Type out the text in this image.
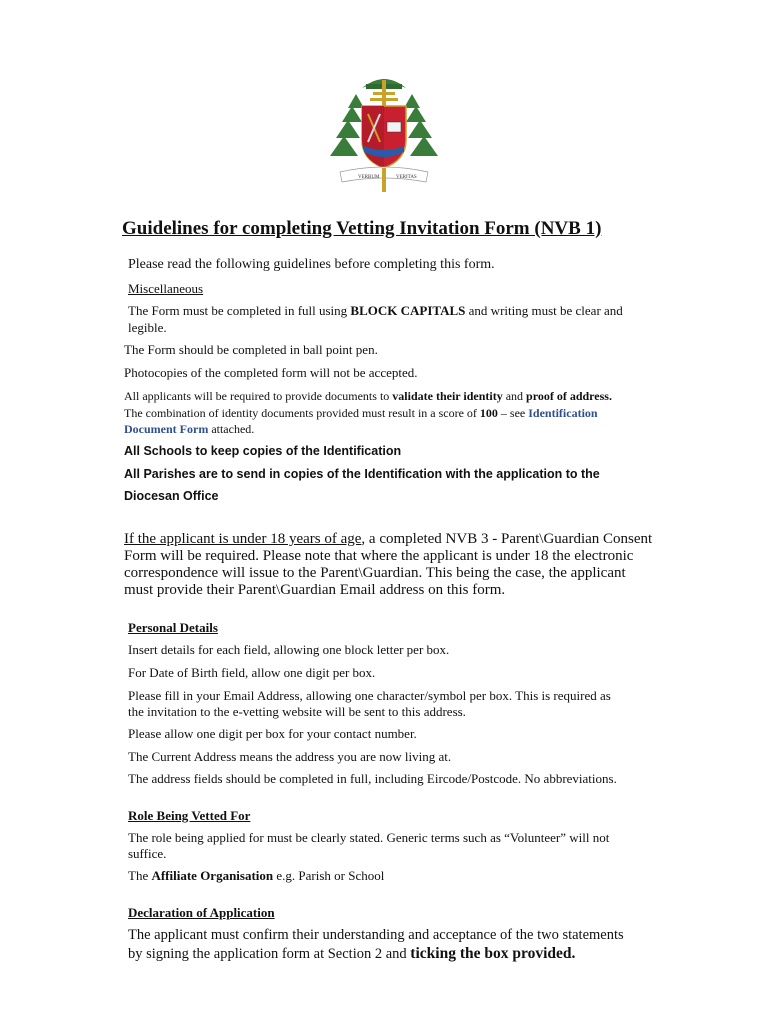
VERBUM	VERITAS
Guidelines for completing Vetting Invitation Form (NVB 1)

Please read the following guidelines before completing this form.

Miscellaneous

The Form must be completed in full using BLOCK CAPITALS and writing must be clear and

legible.

The Form should be completed in ball point pen.

Photocopies of the completed form will not be accepted.

All applicants will be required to provide documents to validate their identity and proof of address.

The combination of identity documents provided must result in a score of 100 – see Identification

Document Form attached.

All Schools to keep copies of the Identification

All Parishes are to send in copies of the Identification with the application to the

Diocesan Office

If the applicant is under 18 years of age, a completed NVB 3 - Parent\Guardian Consent

Form will be required. Please note that where the applicant is under 18 the electronic

correspondence will issue to the Parent\Guardian. This being the case, the applicant

must provide their Parent\Guardian Email address on this form.

Personal Details

Insert details for each field, allowing one block letter per box.

For Date of Birth field, allow one digit per box.

Please fill in your Email Address, allowing one character/symbol per box. This is required as

the invitation to the e-vetting website will be sent to this address.

Please allow one digit per box for your contact number.

The Current Address means the address you are now living at.

The address fields should be completed in full, including Eircode/Postcode. No abbreviations.

Role Being Vetted For

The role being applied for must be clearly stated. Generic terms such as “Volunteer” will not

suffice.

The Affiliate Organisation e.g. Parish or School

Declaration of Application

The applicant must confirm their understanding and acceptance of the two statements

by signing the application form at Section 2 and ticking the box provided.
